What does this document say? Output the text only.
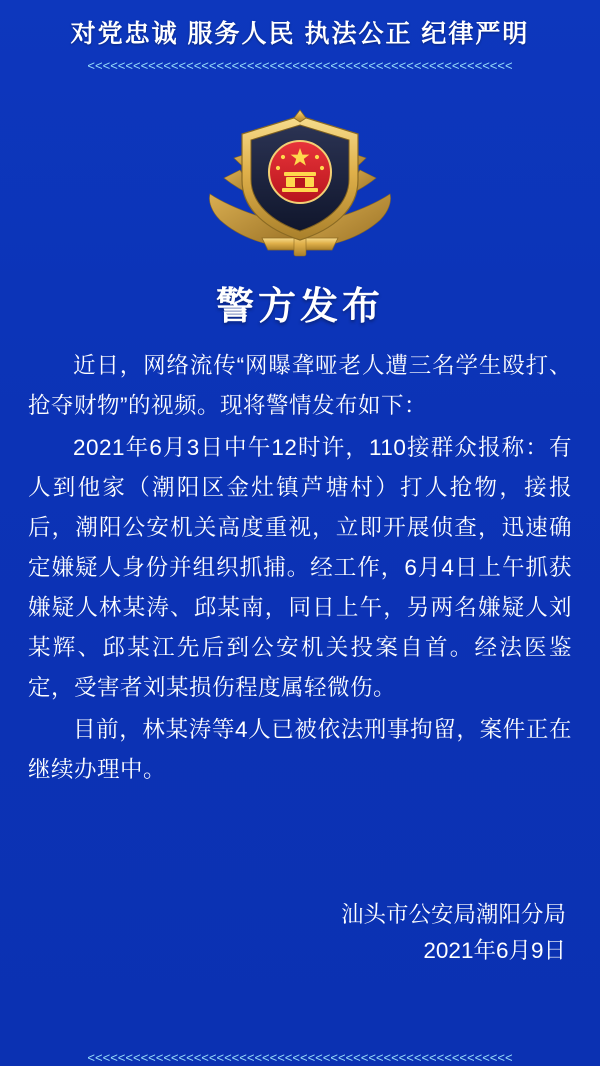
对党忠诚 服务人民 执法公正 纪律严明
<<<<<<<<<<<<<<<<<<<<<<<<<<<<<<<<<<<<<<<<<<<<<<<<<<<<<<<<
警方发布

近日，网络流传“网曝聋哑老人遭三名学生殴打、抢夺财物”的视频。现将警情发布如下：

2021年6月3日中午12时许，110接群众报称：有人到他家（潮阳区金灶镇芦塘村）打人抢物，接报后，潮阳公安机关高度重视，立即开展侦查，迅速确定嫌疑人身份并组织抓捕。经工作，6月4日上午抓获嫌疑人林某涛、邱某南，同日上午，另两名嫌疑人刘某辉、邱某江先后到公安机关投案自首。经法医鉴定，受害者刘某损伤程度属轻微伤。

目前，林某涛等4人已被依法刑事拘留，案件正在继续办理中。

汕头市公安局潮阳分局
2021年6月9日
<<<<<<<<<<<<<<<<<<<<<<<<<<<<<<<<<<<<<<<<<<<<<<<<<<<<<<<<
